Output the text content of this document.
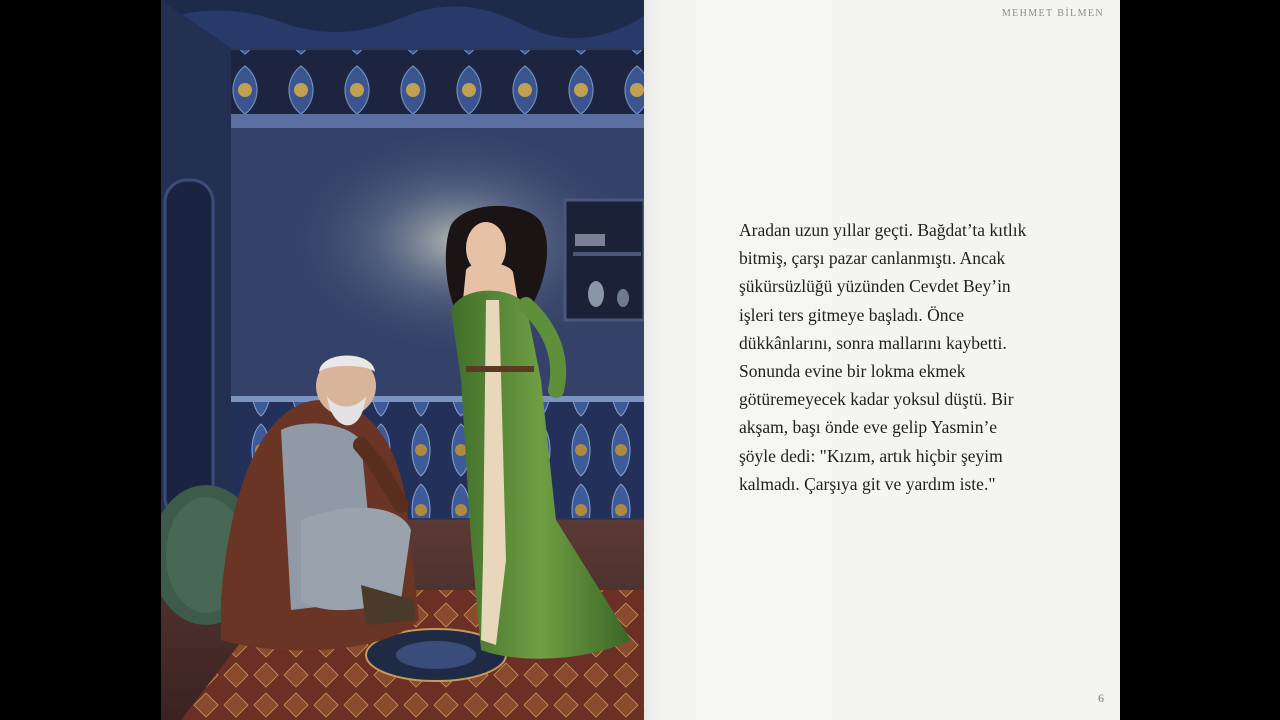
MEHMET BİLMEN
Aradan uzun yıllar geçti. Bağdat’ta kıtlık
bitmiş, çarşı pazar canlanmıştı. Ancak
şükürsüzlüğü yüzünden Cevdet Bey’in
işleri ters gitmeye başladı. Önce
dükkânlarını, sonra mallarını kaybetti.
Sonunda evine bir lokma ekmek
götüremeyecek kadar yoksul düştü. Bir
akşam, başı önde eve gelip Yasmin’e
şöyle dedi: "Kızım, artık hiçbir şeyim
kalmadı. Çarşıya git ve yardım iste."
6
